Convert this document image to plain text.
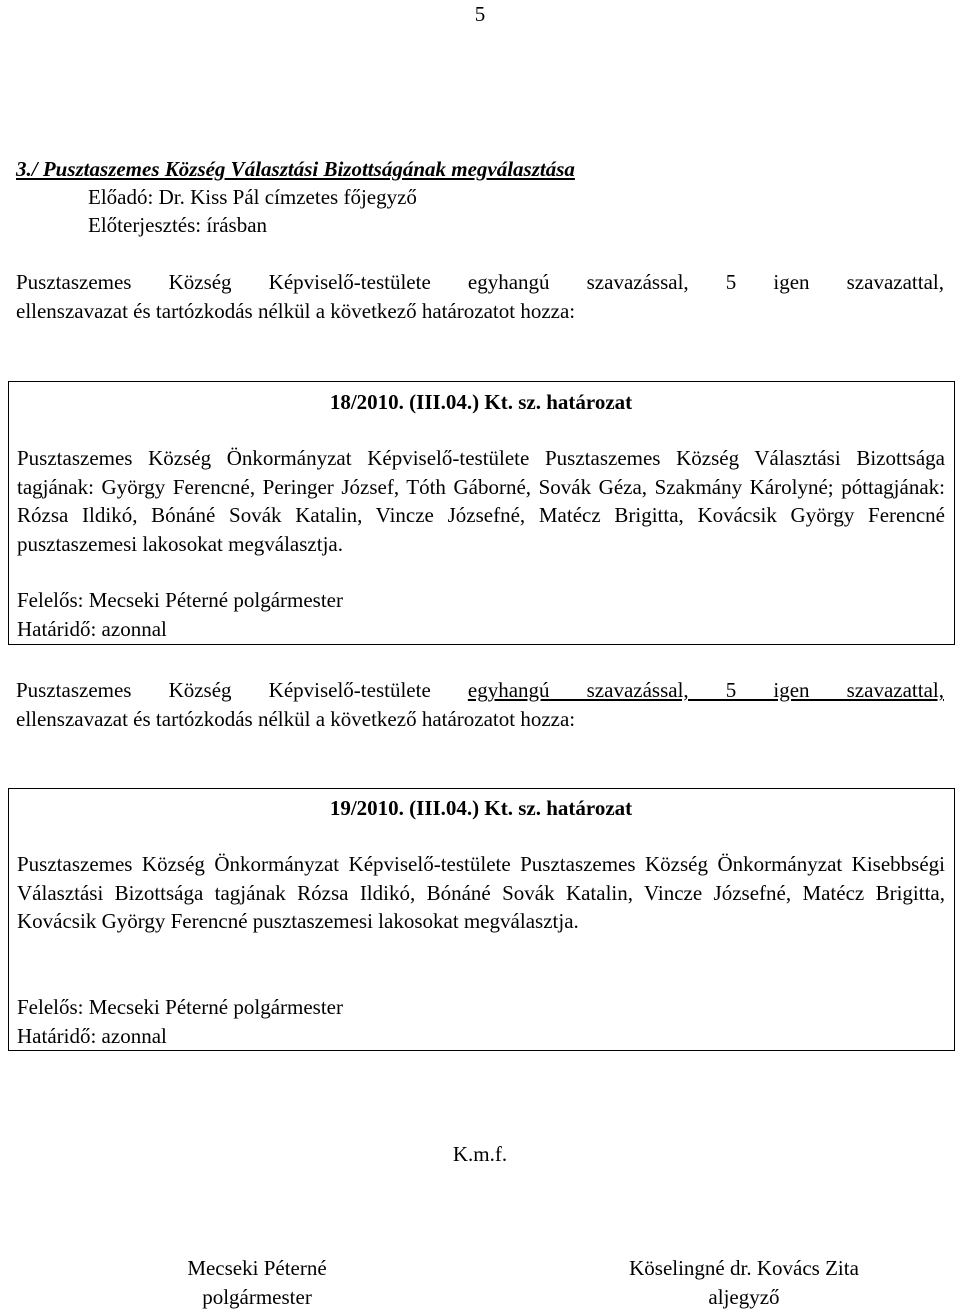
5
3./ Pusztaszemes Község Választási Bizottságának megválasztása
Előadó: Dr. Kiss Pál címzetes főjegyző
Előterjesztés: írásban
Pusztaszemes Község Képviselő-testülete egyhangú szavazással, 5 igen szavazattal,
ellenszavazat és tartózkodás nélkül a következő határozatot hozza:
18/2010. (III.04.) Kt. sz. határozat
Pusztaszemes Község Önkormányzat Képviselő-testülete Pusztaszemes Község Választási Bizottsága tagjának: György Ferencné, Peringer József, Tóth Gáborné, Sovák Géza, Szakmány Károlyné; póttagjának: Rózsa Ildikó, Bónáné Sovák Katalin, Vincze Józsefné, Matécz Brigitta, Kovácsik György Ferencné pusztaszemesi lakosokat megválasztja.
Felelős: Mecseki Péterné polgármester
Határidő: azonnal
Pusztaszemes Község Képviselő-testülete egyhangú szavazással, 5 igen szavazattal,
ellenszavazat és tartózkodás nélkül a következő határozatot hozza:
19/2010. (III.04.) Kt. sz. határozat
Pusztaszemes Község Önkormányzat Képviselő-testülete Pusztaszemes Község Önkormányzat Kisebbségi Választási Bizottsága tagjának Rózsa Ildikó, Bónáné Sovák Katalin, Vincze Józsefné, Matécz Brigitta, Kovácsik György Ferencné pusztaszemesi lakosokat megválasztja.
Felelős: Mecseki Péterné polgármester
Határidő: azonnal
K.m.f.
Mecseki Péterné
polgármester
Köselingné dr. Kovács Zita
aljegyző
